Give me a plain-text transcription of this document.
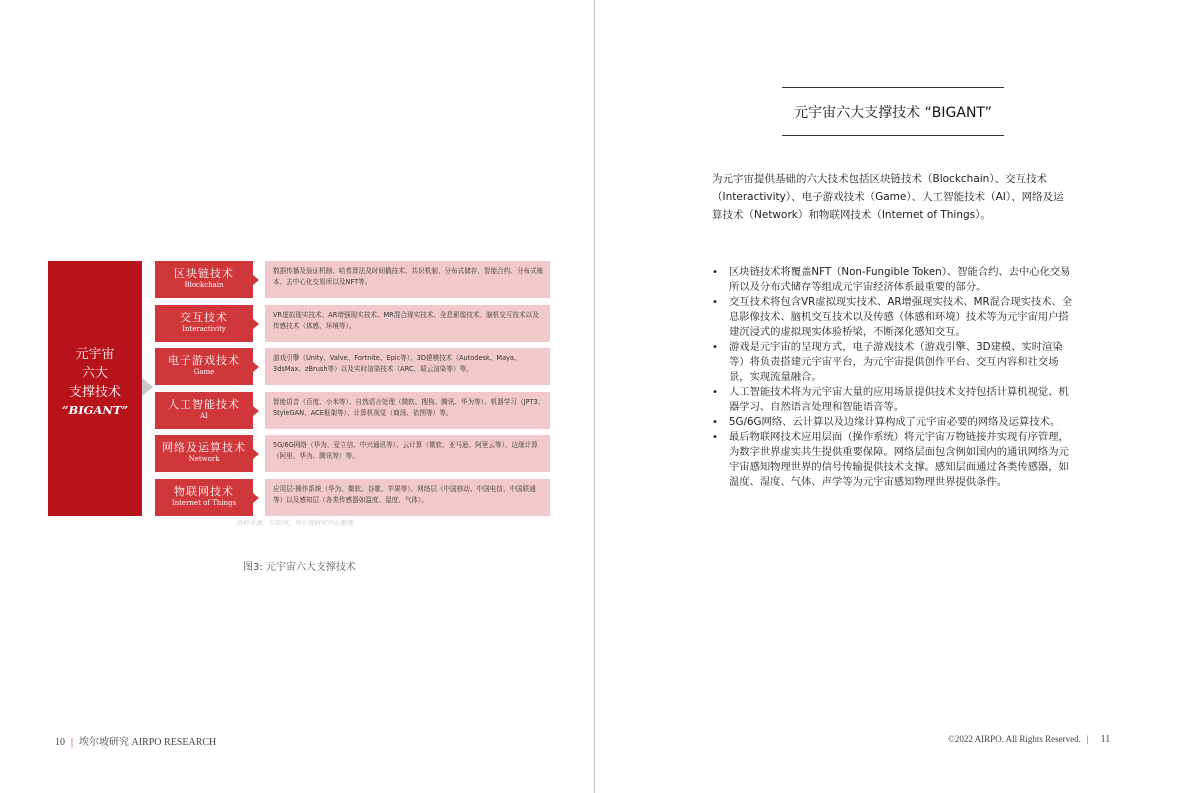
元宇宙
六大
支撑技术
“BIGANT”
区块链技术
Blockchain
数据传播及验证机制、哈希算法及时间戳技术、共识机制、分布式储存、智能合约、分布式账本、去中心化交易所以及NFT等。
交互技术
Interactivity
VR虚拟现实技术、AR增强现实技术、MR混合现实技术、全息影像技术、脑机交互技术以及传感技术（体感、环境等）。
电子游戏技术
Game
游戏引擎（Unity、Valve、Fortnite、Epic等）、3D建模技术（Autodesk、Maya、3dsMax、zBrush等）以及实时渲染技术（ARC、瑞云渲染等）等。
人工智能技术
AI
智能语音（百度、小米等）、自然语言处理（微软、搜狗、腾讯、华为等）、机器学习（JPT3、StyleGAN、ACE框架等）、计算机视觉（商汤、依图等）等。
网络及运算技术
Network
5G/6G网络（华为、爱立信、中兴通讯等）、云计算（微软、亚马逊、阿里云等）、边缘计算（阿里、华为、腾讯等）等。
物联网技术
Internet of Things
应用层-操作系统（华为、微软、谷歌、苹果等）、网络层（中国移动、中国电信、中国联通等）以及感知层（各类传感器如温度、湿度、气体）。
资料来源：互联网、埃尔坡研究中心整理
图3: 元宇宙六大支撑技术
10 | 埃尔坡研究 AIRPO RESEARCH
元宇宙六大支撑技术 “BIGANT”
为元宇宙提供基础的六大技术包括区块链技术（Blockchain）、交互技术（Interactivity）、电子游戏技术（Game）、人工智能技术（AI）、网络及运算技术（Network）和物联网技术（Internet of Things）。
• 区块链技术将覆盖NFT（Non-Fungible Token）、智能合约、去中心化交易所以及分布式储存等组成元宇宙经济体系最重要的部分。
• 交互技术将包含VR虚拟现实技术、AR增强现实技术、MR混合现实技术、全息影像技术、脑机交互技术以及传感（体感和环境）技术等为元宇宙用户搭建沉浸式的虚拟现实体验桥梁，不断深化感知交互。
• 游戏是元宇宙的呈现方式，电子游戏技术（游戏引擎、3D建模、实时渲染等）将负责搭建元宇宙平台，为元宇宙提供创作平台、交互内容和社交场景，实现流量融合。
• 人工智能技术将为元宇宙大量的应用场景提供技术支持包括计算机视觉、机器学习、自然语言处理和智能语音等。
• 5G/6G网络、云计算以及边缘计算构成了元宇宙必要的网络及运算技术。
• 最后物联网技术应用层面（操作系统）将元宇宙万物链接并实现有序管理，为数字世界虚实共生提供重要保障。网络层面包含例如国内的通讯网络为元宇宙感知物理世界的信号传输提供技术支撑。感知层面通过各类传感器，如温度、湿度、气体、声学等为元宇宙感知物理世界提供条件。
©2022 AIRPO. All Rights Reserved. | 11
